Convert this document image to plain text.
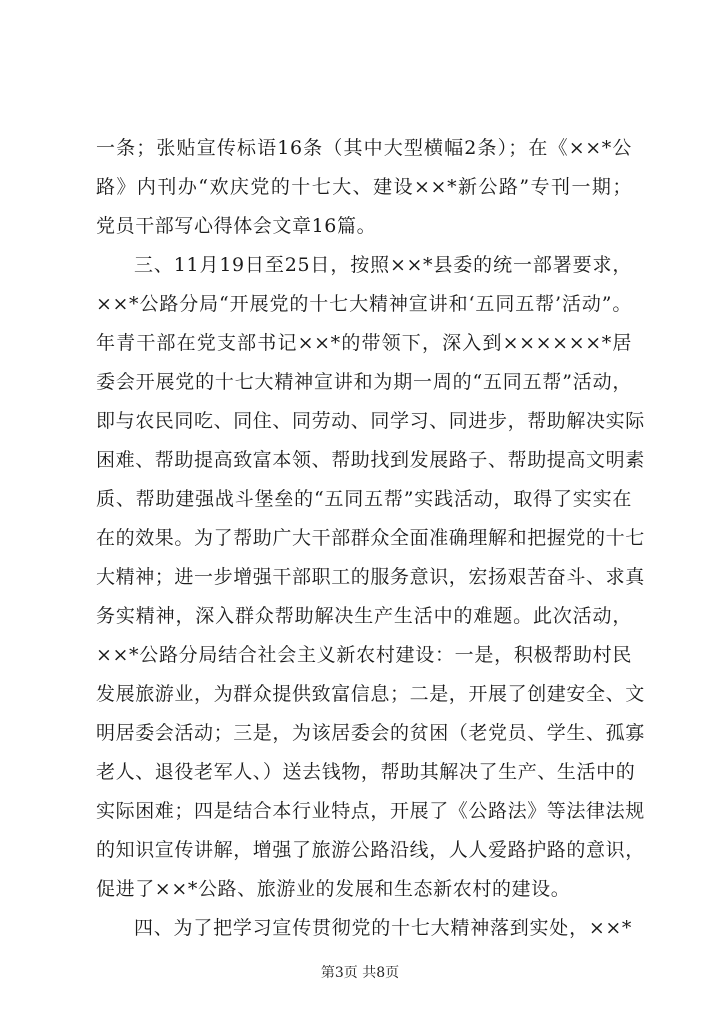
一条；张贴宣传标语16条（其中大型横幅2条）；在《××*公
路》内刊办“欢庆党的十七大、建设××*新公路”专刊一期；
党员干部写心得体会文章16篇。
三、11月19日至25日，按照××*县委的统一部署要求，
××*公路分局“开展党的十七大精神宣讲和‘五同五帮’活动”。
年青干部在党支部书记××*的带领下，深入到××××××*居
委会开展党的十七大精神宣讲和为期一周的“五同五帮”活动，
即与农民同吃、同住、同劳动、同学习、同进步，帮助解决实际
困难、帮助提高致富本领、帮助找到发展路子、帮助提高文明素
质、帮助建强战斗堡垒的“五同五帮”实践活动，取得了实实在
在的效果。为了帮助广大干部群众全面准确理解和把握党的十七
大精神；进一步增强干部职工的服务意识，宏扬艰苦奋斗、求真
务实精神，深入群众帮助解决生产生活中的难题。此次活动，
××*公路分局结合社会主义新农村建设：一是，积极帮助村民
发展旅游业，为群众提供致富信息；二是，开展了创建安全、文
明居委会活动；三是，为该居委会的贫困（老党员、学生、孤寡
老人、退役老军人、）送去钱物，帮助其解决了生产、生活中的
实际困难；四是结合本行业特点，开展了《公路法》等法律法规
的知识宣传讲解，增强了旅游公路沿线，人人爱路护路的意识，
促进了××*公路、旅游业的发展和生态新农村的建设。
四、为了把学习宣传贯彻党的十七大精神落到实处，××*
第3页 共8页
